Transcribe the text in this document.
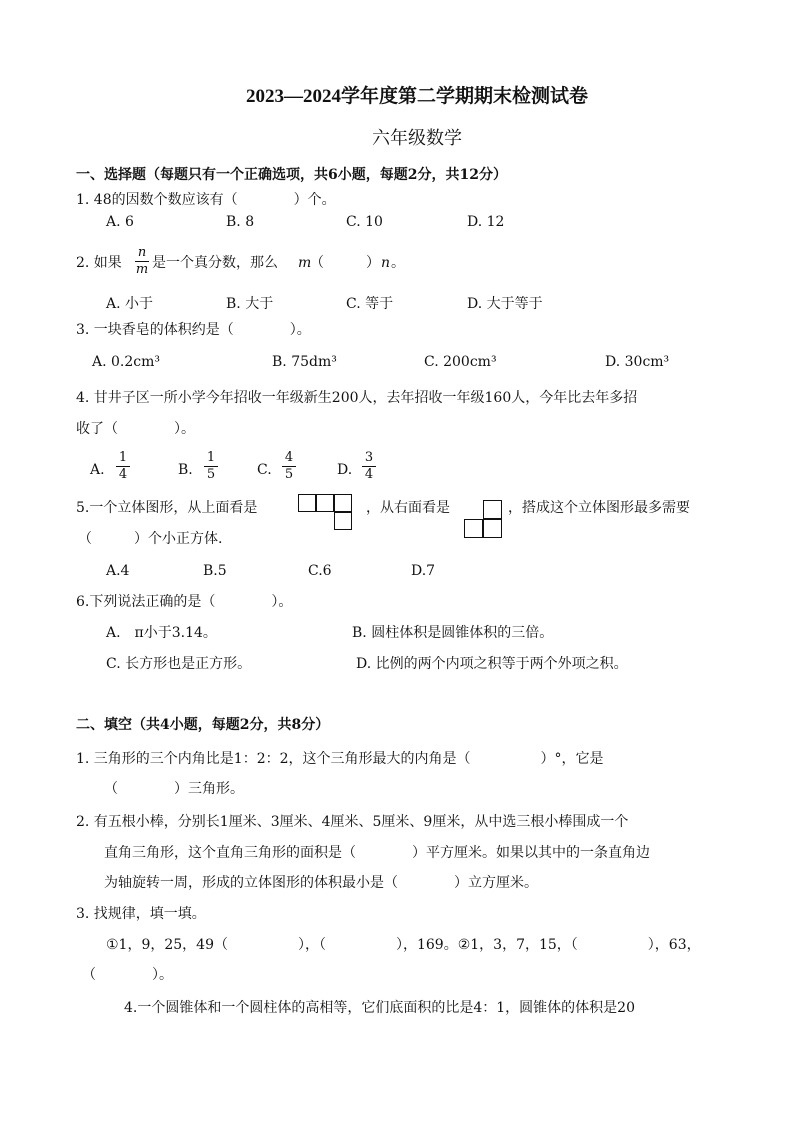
2023—2024学年度第二学期期末检测试卷
六年级数学
一、选择题（每题只有一个正确选项，共6小题，每题2分，共12分）
1. 48的因数个数应该有（　　　　）个。
A. 6	B. 8	C. 10	D. 12
2. 如果 $\frac{n}{m}$ 是一个真分数，那么 m
（　　　） n 。
A. 小于	B. 大于	C. 等于	D. 大于等于
3. 一块香皂的体积约是（　　　　）。
A. 0.2cm³	B. 75dm³	C. 200cm³	D. 30cm³
4. 甘井子区一所小学今年招收一年级新生200人，去年招收一年级160人，今年比去年多招
收了（　　　　）。
A. $\frac{1}{4}$	B. $\frac{1}{5}$	C. $\frac{4}{5}$	D. $\frac{3}{4}$
5.一个立体图形，从上面看是	，从右面看是	，搭成这个立体图形最多需要
（　　　）个小正方体.
A.4	B.5	C.6	D.7
6.下列说法正确的是（　　　　）。
A.　π小于3.14。	B. 圆柱体积是圆锥体积的三倍。
C. 长方形也是正方形。	D. 比例的两个内项之积等于两个外项之积。
二、填空（共4小题，每题2分，共8分）
1. 三角形的三个内角比是1：2：2，这个三角形最大的内角是（　　　　　）°，它是
（　　　　）三角形。
2. 有五根小棒，分别长1厘米、3厘米、4厘米、5厘米、9厘米，从中选三根小棒围成一个
直角三角形，这个直角三角形的面积是（　　　　）平方厘米。如果以其中的一条直角边
为轴旋转一周，形成的立体图形的体积最小是（　　　　）立方厘米。
3. 找规律，填一填。
①1，9，25，49（　　　　　），（　　　　　），169。②1，3，7，15，（　　　　　），63，
（　　　　）。
4.一个圆锥体和一个圆柱体的高相等，它们底面积的比是4：1，圆锥体的体积是20
